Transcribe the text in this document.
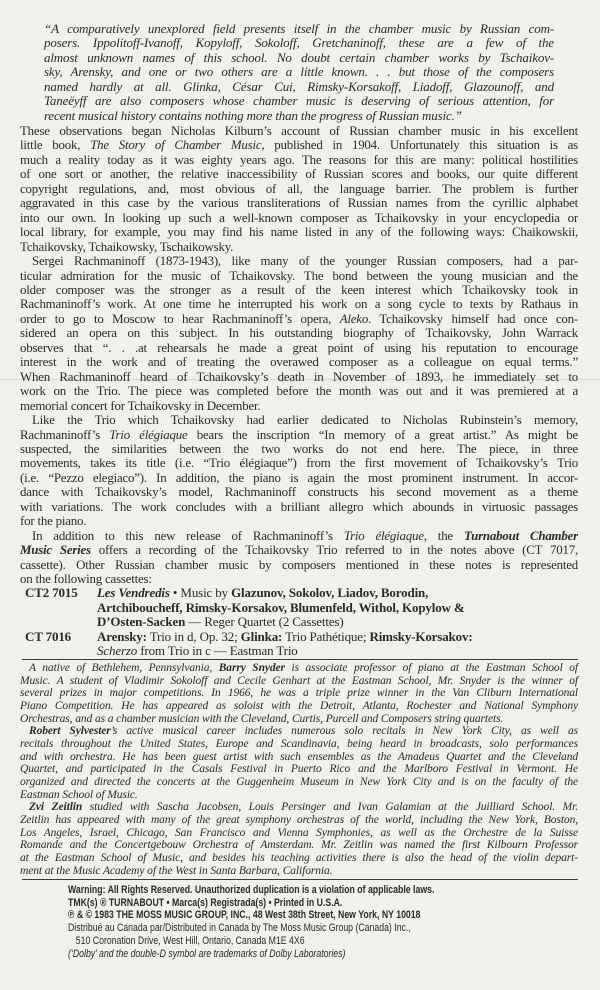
“A comparatively unexplored field presents itself in the chamber music by Russian com-
posers. Ippolitoff-Ivanoff, Kopyloff, Sokoloff, Gretchaninoff, these are a few of the
almost unknown names of this school. No doubt certain chamber works by Tschaikov-
sky, Arensky, and one or two others are a little known. . . but those of the composers
named hardly at all. Glinka, César Cui, Rimsky-Korsakoff, Liadoff, Glazounoff, and
Taneëyff are also composers whose chamber music is deserving of serious attention, for
recent musical history contains nothing more than the progress of Russian music.”
These observations began Nicholas Kilburn’s account of Russian chamber music in his excellent
little book, The Story of Chamber Music, published in 1904. Unfortunately this situation is as
much a reality today as it was eighty years ago. The reasons for this are many: political hostilities
of one sort or another, the relative inaccessibility of Russian scores and books, our quite different
copyright regulations, and, most obvious of all, the language barrier. The problem is further
aggravated in this case by the various transliterations of Russian names from the cyrillic alphabet
into our own. In looking up such a well-known composer as Tchaikovsky in your encyclopedia or
local library, for example, you may find his name listed in any of the following ways: Chaikowskii,
Tchaikovsky, Tchaikowsky, Tschaikowsky.
Sergei Rachmaninoff (1873-1943), like many of the younger Russian composers, had a par-
ticular admiration for the music of Tchaikovsky. The bond between the young musician and the
older composer was the stronger as a result of the keen interest which Tchaikovsky took in
Rachmaninoff’s work. At one time he interrupted his work on a song cycle to texts by Rathaus in
order to go to Moscow to hear Rachmaninoff’s opera, Aleko. Tchaikovsky himself had once con-
sidered an opera on this subject. In his outstanding biography of Tchaikovsky, John Warrack
observes that “. . .at rehearsals he made a great point of using his reputation to encourage
interest in the work and of treating the overawed composer as a colleague on equal terms.”
When Rachmaninoff heard of Tchaikovsky’s death in November of 1893, he immediately set to
work on the Trio. The piece was completed before the month was out and it was premiered at a
memorial concert for Tchaikovsky in December.
Like the Trio which Tchaikovsky had earlier dedicated to Nicholas Rubinstein’s memory,
Rachmaninoff’s Trio élégiaque bears the inscription “In memory of a great artist.” As might be
suspected, the similarities between the two works do not end here. The piece, in three
movements, takes its title (i.e. “Trio élégiaque”) from the first movement of Tchaikovsky’s Trio
(i.e. “Pezzo elegiaco”). In addition, the piano is again the most prominent instrument. In accor-
dance with Tchaikovsky’s model, Rachmaninoff constructs his second movement as a theme
with variations. The work concludes with a brilliant allegro which abounds in virtuosic passages
for the piano.
In addition to this new release of Rachmaninoff’s Trio élégiaque, the Turnabout Chamber
Music Series offers a recording of the Tchaikovsky Trio referred to in the notes above (CT 7017,
cassette). Other Russian chamber music by composers mentioned in these notes is represented
on the following cassettes:
CT2 7015	Les Vendredis • Music by Glazunov, Sokolov, Liadov, Borodin,
Artchiboucheff, Rimsky-Korsakov, Blumenfeld, Withol, Kopylow &
D’Osten-Sacken — Reger Quartet (2 Cassettes)
CT 7016	Arensky: Trio in d, Op. 32; Glinka: Trio Pathétique; Rimsky-Korsakov:
Scherzo from Trio in c — Eastman Trio
A native of Bethlehem, Pennsylvania, Barry Snyder is associate professor of piano at the Eastman School of
Music. A student of Vladimir Sokoloff and Cecile Genhart at the Eastman School, Mr. Snyder is the winner of
several prizes in major competitions. In 1966, he was a triple prize winner in the Van Cliburn International
Piano Competition. He has appeared as soloist with the Detroit, Atlanta, Rochester and National Symphony
Orchestras, and as a chamber musician with the Cleveland, Curtis, Purcell and Composers string quartets.
Robert Sylvester’s active musical career includes numerous solo recitals in New York City, as well as
recitals throughout the United States, Europe and Scandinavia, being heard in broadcasts, solo performances
and with orchestra. He has been guest artist with such ensembles as the Amadeus Quartet and the Cleveland
Quartet, and participated in the Casals Festival in Puerto Rico and the Marlboro Festival in Vermont. He
organized and directed the concerts at the Guggenheim Museum in New York City and is on the faculty of the
Eastman School of Music.
Zvi Zeitlin studied with Sascha Jacobsen, Louis Persinger and Ivan Galamian at the Juilliard School. Mr.
Zeitlin has appeared with many of the great symphony orchestras of the world, including the New York, Boston,
Los Angeles, Israel, Chicago, San Francisco and Vienna Symphonies, as well as the Orchestre de la Suisse
Romande and the Concertgebouw Orchestra of Amsterdam. Mr. Zeitlin was named the first Kilbourn Professor
at the Eastman School of Music, and besides his teaching activities there is also the head of the violin depart-
ment at the Music Academy of the West in Santa Barbara, California.
Warning: All Rights Reserved. Unauthorized duplication is a violation of applicable laws.
TMK(s) ® TURNABOUT • Marca(s) Registrada(s) • Printed in U.S.A.
℗ & © 1983 THE MOSS MUSIC GROUP, INC., 48 West 38th Street, New York, NY 10018
Distribué au Canada par/Distributed in Canada by The Moss Music Group (Canada) Inc.,
510 Coronation Drive, West Hill, Ontario, Canada M1E 4X6
(‘Dolby’ and the double-D symbol are trademarks of Dolby Laboratories)
